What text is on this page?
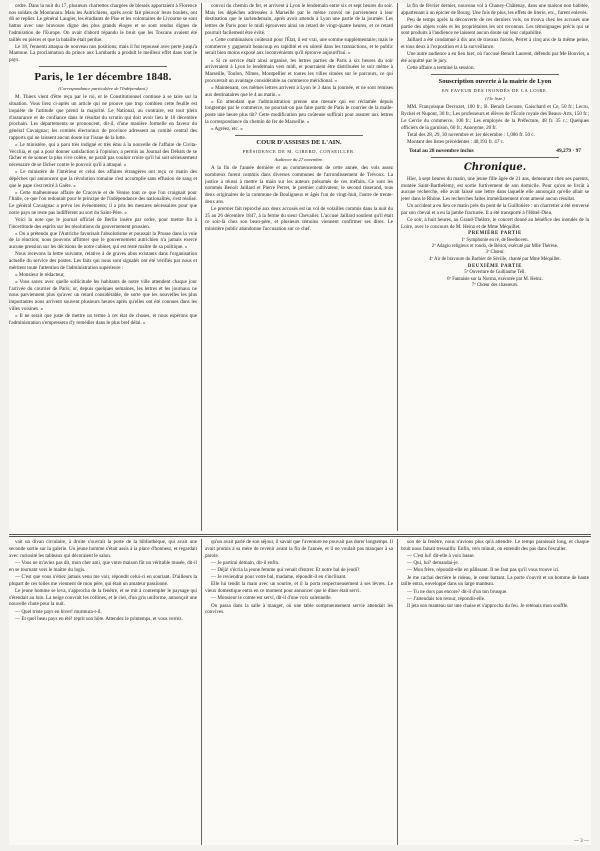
ordre. Dans la nuit du 17, plusieurs charrettes chargées de blessés apportaient à Florence nos soldats de Montanara. Mais les Autrichiens, après avoir fait pleuvoir leurs boulets, ont dû se replier. Le général Laugier, les étudiants de Pise et les volontaires de Livourne se sont battus avec une bravoure digne des plus grands éloges et se sont rendus dignes de l'admiration de l'Europe. On avait d'abord répandu le bruit que les Toscans avaient été taillés en pièces et que la bataille était perdue.

Le 18, l'ennemi attaqua de nouveau nos positions; mais il fut repoussé avec perte jusqu'à Mantoue. La proclamation du prince aux Lombards a produit le meilleur effet dans tout le pays.

Paris, le 1er décembre 1848.
(Correspondance particulière de l'Indépendant.)

M. Thiers vient d'être reçu par le roi, et le Constitutionnel continue à se taire sur la situation. Vous lirez ci-après un article qui ne prouve que trop combien cette feuille est inquiète de l'attitude que prend la majorité. Le National, au contraire, est tout plein d'assurance et de confiance dans le résultat du scrutin qui doit avoir lieu le 10 décembre prochain. Les départements se prononcent, dit-il, d'une manière formelle en faveur du général Cavaignac; les comités électoraux de province adressent au comité central des rapports qui ne laissent aucun doute sur l'issue de la lutte.

« Le ministère, qui a paru très indigné et très ému à la nouvelle de l'affaire de Civita-Vecchia, et qui a pour donner satisfaction à l'opinion, a permis au Journal des Débats de se fâcher et de sonner la plus vive colère, ne paraît pas vouloir croire qu'il lui soit sérieusement nécessaire de se fâcher contre le pouvoir qu'il a attaqué. »

« Le ministère de l'intérieur et celui des affaires étrangères ont reçu ce matin des dépêches qui annoncent que la révolution romaine s'est accomplie sans effusion de sang et que le pape s'est retiré à Gaëte. »

« Cette malheureuse affaire de Cracovie et de Venise tout ce que l'on craignait pour l'Italie, ce que l'on redoutait pour le principe de l'indépendance des nationalités, s'est réalisé. Le général Cavaignac a prévu les événements; il a pris les mesures nécessaires pour que notre pays ne reste pas indifférent au sort du Saint-Père. »

Voici la note que le journal officiel de Berlin insère par ordre, pour mettre fin à l'incertitude des esprits sur les résolutions du gouvernement prussien.

« On a prétendu que l'Autriche favorisait l'absolutisme et poussait la Prusse dans la voie de la réaction; nous pouvons affirmer que le gouvernement autrichien n'a jamais exercé aucune pression sur les décisions de notre cabinet, qui est resté maître de sa politique. »

Nous recevons la lettre suivante, relative à de graves abus existants dans l'organisation actuelle du service des postes. Les faits qui nous sont signalés ont été vérifiés par nous et méritent toute l'attention de l'administration supérieure :

« Monsieur le rédacteur,

« Vous savez avec quelle sollicitude les habitants de notre ville attendent chaque jour l'arrivée du courrier de Paris; or, depuis quelques semaines, les lettres et les journaux ne nous parviennent plus qu'avec un retard considérable, de sorte que les nouvelles les plus importantes nous arrivent souvent plusieurs heures après qu'elles ont été connues dans les villes voisines. »

« Il ne serait que juste de mettre un terme à cet état de choses, et nous espérons que l'administration s'empressera d'y remédier dans le plus bref délai. »

convoi du chemin de fer, et arrivent à Lyon le lendemain entre six et sept heures du soir. Mais les dépêches adressées à Marseille par le même convoi ne parviennent à leur destination que le surlendemain, après avoir attendu à Lyon une partie de la journée. Les lettres de Paris pour le midi éprouvent ainsi un retard de vingt-quatre heures, et ce retard pourrait facilement être évité.

« Cette combinaison coûterait pour l'État, il est vrai, une somme supplémentaire; mais le commerce y gagnerait beaucoup en rapidité et en sûreté dans les transactions, et le public serait bien moins exposé aux inconvénients qu'il éprouve aujourd'hui. »

« Si ce service était ainsi organisé, les lettres parties de Paris à six heures du soir arriveraient à Lyon le lendemain vers midi, et pourraient être distribuées le soir même à Marseille, Toulon, Nîmes, Montpellier et toutes les villes situées sur le parcours, ce qui procurerait un avantage considérable au commerce méridional. »

« Maintenant, ces mêmes lettres arrivent à Lyon le 3 dans la journée, et ne sont remises aux destinataires que le 4 au matin. »

« En attendant que l'administration prenne une mesure qui est réclamée depuis longtemps par le commerce, ne pourrait-on pas faire partir de Paris le courrier de la malle-poste une heure plus tôt? Cette modification peu coûteuse suffirait pour assurer aux lettres la correspondance du chemin de fer de Marseille. »

« Agréez, etc. »

COUR D'ASSISES DE L'AIN.
PRÉSIDENCE DE M. GIRERD, CONSEILLER.
Audience du 27 novembre.

A la fin de l'année dernière et au commencement de cette année, des vols assez nombreux furent commis dans diverses communes de l'arrondissement de Trévoux. La justice a réussi à mettre la main sur les auteurs présumés de ces méfaits. Ce sont les nommés Benoît Jaillard et Pierre Perret, le premier cultivateur, le second tisserand, tous deux originaires de la commune de Bouligneux et âgés l'un de vingt-huit, l'autre de trente-deux ans.

Le premier fait reproché aux deux accusés est un vol de volailles commis dans la nuit du 25 au 26 décembre 1847, à la ferme du sieur Chevalier. L'accusé Jaillard soutient qu'il était ce soir-là chez son beau-père, et plusieurs témoins viennent confirmer ses dires. Le ministère public abandonne l'accusation sur ce chef.

la fin de février dernier, nouveau vol à Chaney-Châtenay, dans une maison non habitée, appartenant à un épicier de Bourg. Une fois de plus, les effets de literie, etc., furent enlevés.

Peu de temps après la découverte de ces derniers vols, on trouva chez les accusés une partie des objets volés et les propriétaires les ont reconnus. Les témoignages précis qui se sont produits à l'audience ne laissent aucun doute sur leur culpabilité.

Jaillard a été condamné à dix ans de travaux forcés, Perret à cinq ans de la même peine, et tous deux à l'exposition et à la surveillance.

Une autre audience a eu lieu hier, où l'accusé Benoît Laurent, défendu par Me Bouvier, a été acquitté par le jury.

Cette affaire a terminé la session.

Souscription ouverte à la mairie de Lyon
EN FAVEUR DES INONDÉS DE LA LOIRE.
(13e liste.)

MM. Françoisque Decrozet, 100 fr.; B. Benoît Lecoste, Gaischard et Ce, 50 fr.; Lecru, Ryckel et Nupont, 30 fr.; Les professeurs et élèves de l'École royale des Beaux-Arts, 150 fr.; Le Cercle du commerce, 100 fr.; Les employés de la Préfecture, 48 fr. 35 c.; Quelques officiers de la garnison, 60 fr.; Anonyme, 20 fr.

Total des 28, 29, 30 novembre et 1er décembre : 1,086 fr. 50 c.

Montant des listes précédentes : 48,193 fr. 47 c.

Total au 28 novembre inclus	49,279 · 97
Chronique.

Hier, à sept heures du matin, une jeune fille âgée de 21 ans, demeurant chez ses parents, montée Saint-Barthélemy, est sortie furtivement de son domicile. Pour qu'on se livrât à aucune recherche, elle avait laissé une lettre dans laquelle elle annonçait qu'elle allait se jeter dans le Rhône. Les recherches faites immédiatement n'ont amené aucun résultat.

Un accident a eu lieu ce matin près du pont de la Guillotière : un charretier a été renversé par son cheval et a eu la jambe fracturée. Il a été transporté à l'Hôtel-Dieu.

Ce soir, à huit heures, au Grand-Théâtre, le concert donné au bénéfice des inondés de la Loire, avec le concours de M. Heinz et de Mme Méquillet.

PREMIÈRE PARTIE
1º Symphonie en ré, de Beethoven.
2º Adagio religieux et rondo, de Bériot, exécuté par Mlle Thérèse.
3º Chœur.
4º Air de bravoure du Barbier de Séville, chanté par Mme Méquillet.
DEUXIÈME PARTIE
5º Ouverture de Guillaume Tell.
6º Fantaisie sur la Norma, exécutée par M. Heinz.
7º Chœur des chasseurs.

vait un divan circulaire, à droite s'ouvrait la porte de la bibliothèque, qui avait une seconde sortie sur la galerie. Un jeune homme s'était assis à la place d'honneur, et regardait avec curiosité les tableaux qui décoraient le salon.

— Vous ne m'aviez pas dit, mon cher ami, que votre maison fût un véritable musée, dit-il en se tournant vers le maître du logis.

— C'est que vous n'étiez jamais venu me voir, répondit celui-ci en souriant. D'ailleurs la plupart de ces toiles me viennent de mon père, qui était un amateur passionné.

Le jeune homme se leva, s'approcha de la fenêtre, et se mit à contempler le paysage qui s'étendait au loin. La neige couvrait les collines, et le ciel, d'un gris uniforme, annonçait une nouvelle chute pour la nuit.

— Quel triste pays en hiver! murmura-t-il.

— Et quel beau pays en été! reprit son hôte. Attendez le printemps, et vous verrez.

qu'un avait parlé de son séjour, il savait que l'aventure ne pouvait pas durer longtemps. Il avait promis à sa mère de revenir avant la fin de l'année, et il ne voulait pas manquer à sa parole.

— Je partirai demain, dit-il enfin.

— Déjà! s'écria la jeune femme qui venait d'entrer. Et notre bal de jeudi?

— Je reviendrai pour votre bal, madame, répondit-il en s'inclinant.

Elle lui tendit la main avec un sourire, et il la porta respectueusement à ses lèvres. Le vieux domestique entra en ce moment pour annoncer que le dîner était servi.

— Monsieur le comte est servi, dit-il d'une voix solennelle.

On passa dans la salle à manger, où une table somptueusement servie attendait les convives.

son de la fenêtre, nous n'avions plus qu'à attendre. Le temps paraissait long, et chaque bruit nous faisait tressaillir. Enfin, vers minuit, on entendit des pas dans l'escalier.

— C'est lui! dit-elle à voix basse.

— Qui, lui? demandai-je.

— Mon frère, répondit-elle en pâlissant. Il ne faut pas qu'il vous trouve ici.

Je me cachai derrière le rideau, le cœur battant. La porte s'ouvrit et un homme de haute taille entra, enveloppé dans un large manteau.

— Tu ne dors pas encore? dit-il d'un ton brusque.

— J'attendais ton retour, répondit-elle.

Il jeta son manteau sur une chaise et s'approcha du feu. Je retenais mon souffle.

— 3 —
